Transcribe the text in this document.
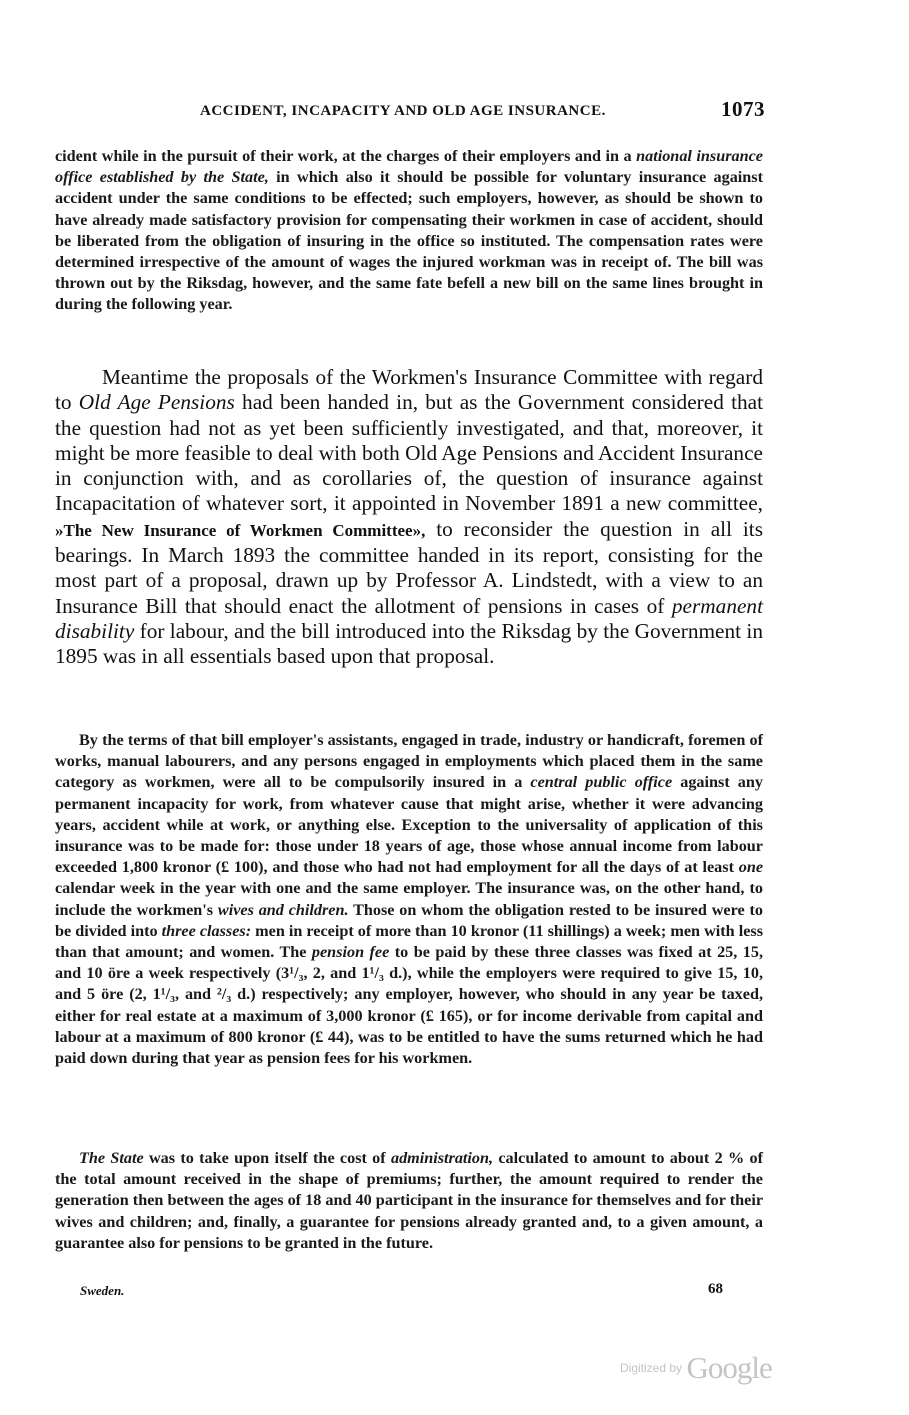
ACCIDENT, INCAPACITY AND OLD AGE INSURANCE.	1073

cident while in the pursuit of their work, at the charges of their employers and in a national insurance office established by the State, in which also it should be possible for voluntary insurance against accident under the same conditions to be effected; such employers, however, as should be shown to have already made satisfactory provision for compensating their workmen in case of accident, should be liberated from the obligation of insuring in the office so instituted. The compensation rates were determined irrespective of the amount of wages the injured workman was in receipt of. The bill was thrown out by the Riksdag, however, and the same fate befell a new bill on the same lines brought in during the following year.

Meantime the proposals of the Workmen's Insurance Committee with regard to Old Age Pensions had been handed in, but as the Government considered that the question had not as yet been sufficiently investigated, and that, moreover, it might be more feasible to deal with both Old Age Pensions and Accident Insurance in conjunction with, and as corollaries of, the question of insurance against Incapacitation of whatever sort, it appointed in November 1891 a new committee, »The New Insurance of Workmen Committee», to reconsider the question in all its bearings. In March 1893 the committee handed in its report, consisting for the most part of a proposal, drawn up by Professor A. Lindstedt, with a view to an Insurance Bill that should enact the allotment of pensions in cases of permanent disability for labour, and the bill introduced into the Riksdag by the Government in 1895 was in all essentials based upon that proposal.

By the terms of that bill employer's assistants, engaged in trade, industry or handicraft, foremen of works, manual labourers, and any persons engaged in employments which placed them in the same category as workmen, were all to be compulsorily insured in a central public office against any permanent incapacity for work, from whatever cause that might arise, whether it were advancing years, accident while at work, or anything else. Exception to the universality of application of this insurance was to be made for: those under 18 years of age, those whose annual income from labour exceeded 1,800 kronor (£ 100), and those who had not had employment for all the days of at least one calendar week in the year with one and the same employer. The insurance was, on the other hand, to include the workmen's wives and children. Those on whom the obligation rested to be insured were to be divided into three classes: men in receipt of more than 10 kronor (11 shillings) a week; men with less than that amount; and women. The pension fee to be paid by these three classes was fixed at 25, 15, and 10 öre a week respectively (3¹/₃, 2, and 1¹/₃ d.), while the employers were required to give 15, 10, and 5 öre (2, 1¹/₃, and ²/₃ d.) respectively; any employer, however, who should in any year be taxed, either for real estate at a maximum of 3,000 kronor (£ 165), or for income derivable from capital and labour at a maximum of 800 kronor (£ 44), was to be entitled to have the sums returned which he had paid down during that year as pension fees for his workmen.

The State was to take upon itself the cost of administration, calculated to amount to about 2 % of the total amount received in the shape of premiums; further, the amount required to render the generation then between the ages of 18 and 40 participant in the insurance for themselves and for their wives and children; and, finally, a guarantee for pensions already granted and, to a given amount, a guarantee also for pensions to be granted in the future.

Sweden.	68
Digitized by Google
